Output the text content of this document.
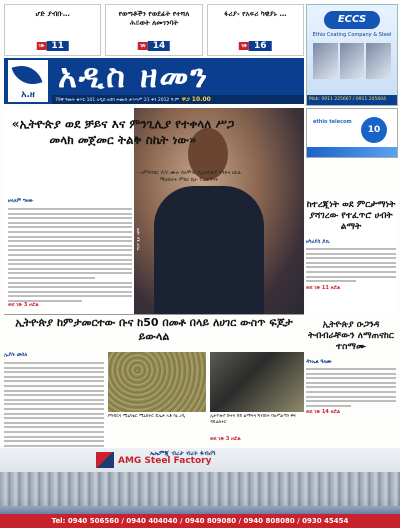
ሆድ ያብቡ…
ገጽ 11
የወጣቶችን የወደፊት የተሻለ ሕይወት ለመገንባት
ገጽ 14
ፋሪያ- የአፍሪ ካዊያኑ …
ገጽ 16
ECCS
Ethio Coating Company & Steel
Mob: 0911 225667 / 0911 205604
አ.ዘ አዲስ ዘመን
79ኛ ዓመት ቁጥር 101 አዲስ አበባ ሐሙስ ታኅሣሥ 21 ቀን 2012 ዓ.ም ዋጋ 10.00
ፎቶ፦ ዳኜ አበራ
«ኢትዮጵያ ወደ ቻይና እና ምንጊሊያ የተቀላለ ሥጋ መላክ መጀመር ትልቅ ስኬት ነው»
- አምባሳደር ዶ/ር ሙሉ ሰለሞን፤ የኢትዮጵያ ንግድና ዘርፈ ማህበራት ምክር ቤት ፕሬዚዳንት
ዘላለም ግዛው
ወደ ገጽ 3 ዞሯል
ethio telecom
10
ከተረጂነት ወደ ምርታማነት ያሻገረው የተፈጥሮ ሀብት ልማት
ዘካሪያስ ዶቢ
ወደ ገጽ 11 ዞሯል
ኢትዮጵያ ከምታመርተው ቡና ከ50 በመቶ በላይ ለሀገር ውስጥ ፍጆታ ይውላል
ኢያሱ መሰለ
የግብርና ሚኒስቴር ሚኒስትር ዴኤታ አቶ ሳኒ ረዲ	ኢትዮጵያ ቡናና ሻይ ልማትና ግብይት ባለሥልጣን ዋና ዳይሬክተር
ወደ ገጽ 3 ዞሯል
ኢትዮጵያ ዑጋንዳ ትብብራቸውን ለማጠናከር ተስማሙ
ዳንኤል ዓለሙ
ወደ ገጽ 14 ዞሯል
ኤኤምጂ ብረታ ብረት ፋብሪካ
AMG Steel Factory
Tel: 0940 506560 / 0940 404040 / 0940 809080 / 0940 808080 / 0930 45454
